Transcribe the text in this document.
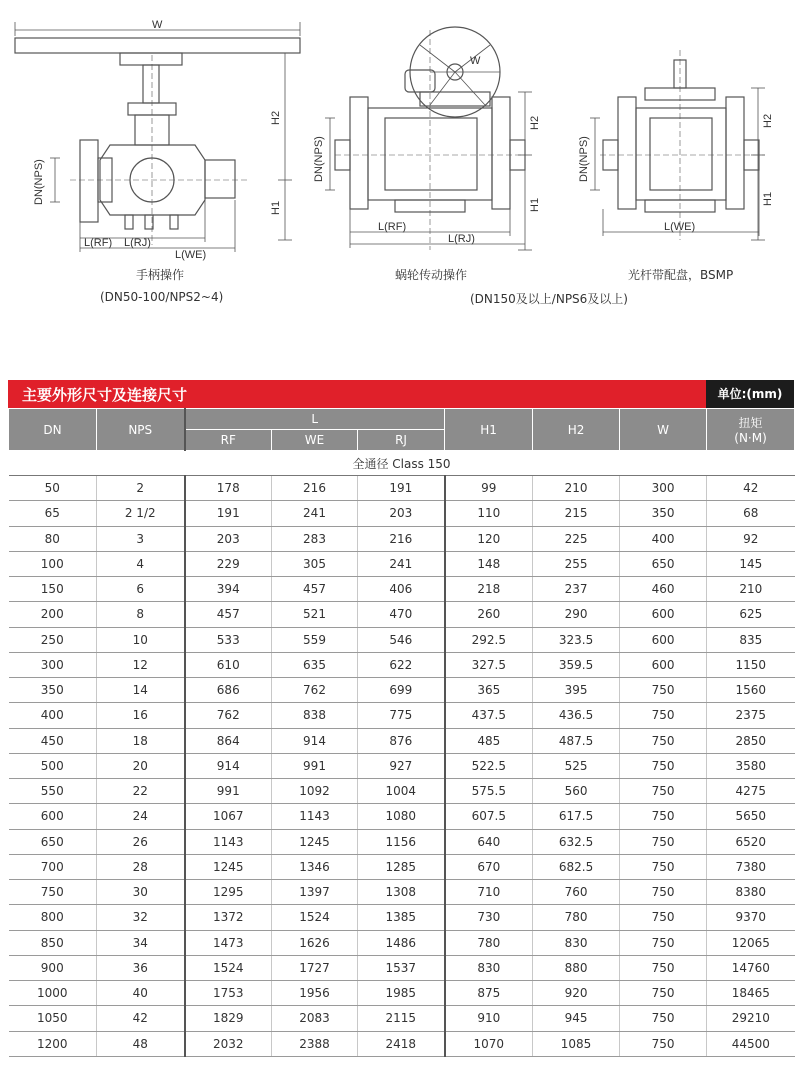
W
H2
H1
DN(NPS)
L(RF) L(RJ)
L(WE)
W
H2
H1
DN(NPS)
L(RF)
L(RJ)
H2
H1
DN(NPS)
L(WE)
手柄操作
(DN50-100/NPS2~4)
蜗轮传动操作
(DN150及以上/NPS6及以上)
光杆带配盘，BSMP
主要外形尺寸及连接尺寸	单位:(mm)
DN	NPS	L			H1	H2	W	扭矩
(N·M)
		RF	WE	RJ				
全通径 Class 150								
50	2	178	216	191	99	210	300	42
65	2 1/2	191	241	203	110	215	350	68
80	3	203	283	216	120	225	400	92
100	4	229	305	241	148	255	650	145
150	6	394	457	406	218	237	460	210
200	8	457	521	470	260	290	600	625
250	10	533	559	546	292.5	323.5	600	835
300	12	610	635	622	327.5	359.5	600	1150
350	14	686	762	699	365	395	750	1560
400	16	762	838	775	437.5	436.5	750	2375
450	18	864	914	876	485	487.5	750	2850
500	20	914	991	927	522.5	525	750	3580
550	22	991	1092	1004	575.5	560	750	4275
600	24	1067	1143	1080	607.5	617.5	750	5650
650	26	1143	1245	1156	640	632.5	750	6520
700	28	1245	1346	1285	670	682.5	750	7380
750	30	1295	1397	1308	710	760	750	8380
800	32	1372	1524	1385	730	780	750	9370
850	34	1473	1626	1486	780	830	750	12065
900	36	1524	1727	1537	830	880	750	14760
1000	40	1753	1956	1985	875	920	750	18465
1050	42	1829	2083	2115	910	945	750	29210
1200	48	2032	2388	2418	1070	1085	750	44500
